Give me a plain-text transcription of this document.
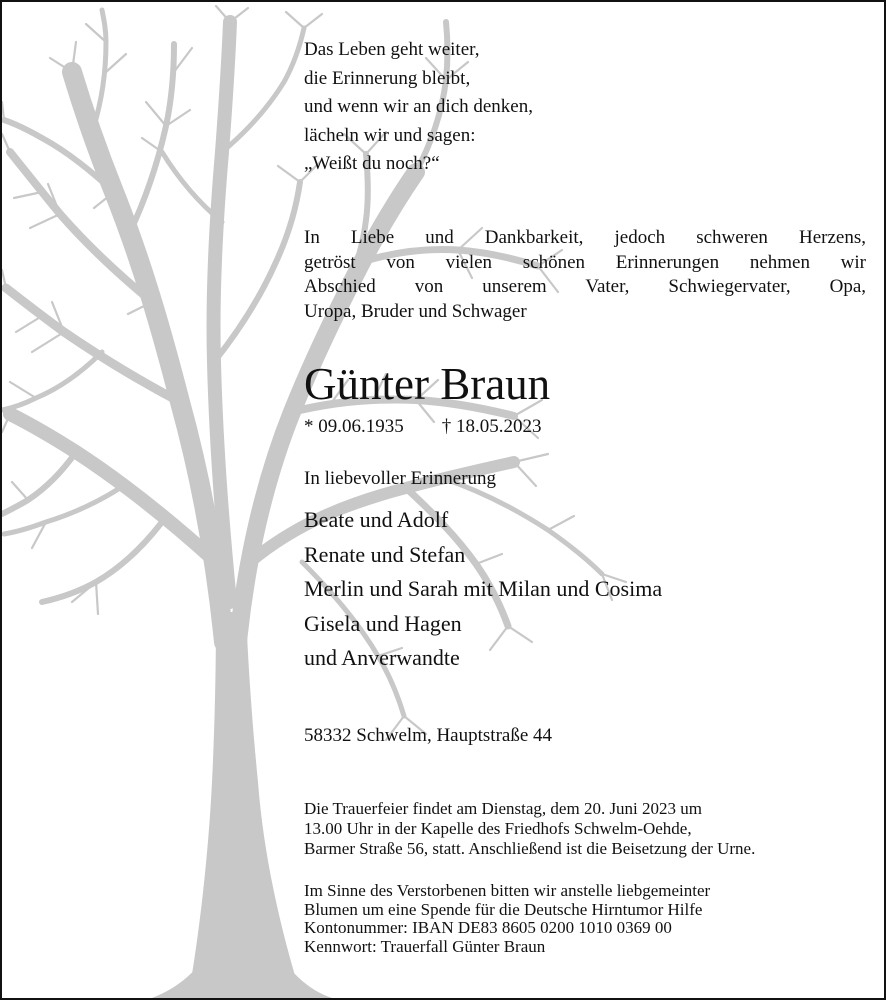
Das Leben geht weiter,
die Erinnerung bleibt,
und wenn wir an dich denken,
lächeln wir und sagen:
„Weißt du noch?“
In Liebe und Dankbarkeit, jedoch schweren Herzens,
getröst von vielen schönen Erinnerungen nehmen wir
Abschied von unserem Vater, Schwiegervater, Opa,
Uropa, Bruder und Schwager
Günter Braun
* 09.06.1935 † 18.05.2023
In liebevoller Erinnerung
Beate und Adolf
Renate und Stefan
Merlin und Sarah mit Milan und Cosima
Gisela und Hagen
und Anverwandte
58332 Schwelm, Hauptstraße 44
Die Trauerfeier findet am Dienstag, dem 20. Juni 2023 um
13.00 Uhr in der Kapelle des Friedhofs Schwelm-Oehde,
Barmer Straße 56, statt. Anschließend ist die Beisetzung der Urne.
Im Sinne des Verstorbenen bitten wir anstelle liebgemeinter
Blumen um eine Spende für die Deutsche Hirntumor Hilfe
Kontonummer: IBAN DE83 8605 0200 1010 0369 00
Kennwort: Trauerfall Günter Braun
